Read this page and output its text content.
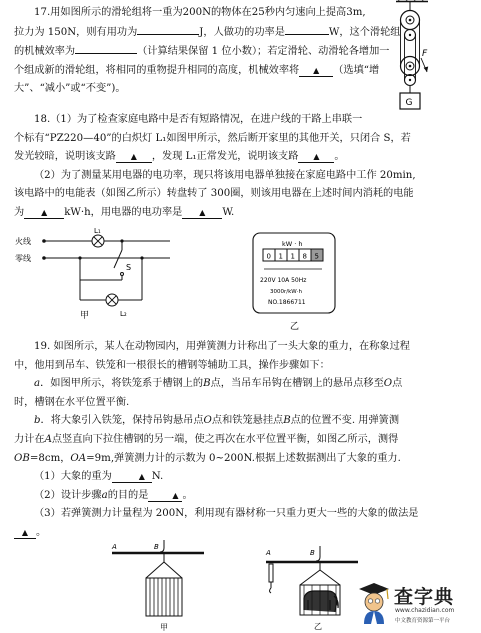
17.用如图所示的滑轮组将一重为200N的物体在25秒内匀速向上提高3m,
拉力为 150N，则有用功为	J，人做功的功率是	W，这个滑轮组
的机械效率为	（计算结果保留 1 位小数）；若定滑轮、动滑轮各增加一
个组成新的滑轮组，将相同的重物提升相同的高度，机械效率将 ▲ （选填“增
大”、“减小”或“不变”)。
F
G
18.（1）为了检查家庭电路中是否有短路情况，在进户线的干路上串联一
个标有“PZ220—40”的白炽灯 L₁如图甲所示，然后断开家里的其他开关，只闭合 S，若
发光较暗，说明该支路 ▲ ，发现 L₁正常发光，说明该支路 ▲ 。
（2）为了测量某用电器的电功率，现只将该用电器单独接在家庭电路中工作 20min,
该电路中的电能表（如图乙所示）转盘转了 300圈，则该用电器在上述时间内消耗的电能
为 ▲ kW·h，用电器的电功率是 ▲ W.
火线
零线
L₁
L₂
S
甲
kW · h
0 1 1 8 5
220V 10A 50Hz
3000r/kW·h
NO.1866711
乙
19. 如图所示，某人在动物园内，用弹簧测力计称出了一头大象的重力，在称象过程
中，他用到吊车、铁笼和一根很长的槽钢等辅助工具，操作步骤如下：
a．如图甲所示，将铁笼系于槽钢上的B点，当吊车吊钩在槽钢上的悬吊点移至O点
时，槽钢在水平位置平衡.
b．将大象引入铁笼，保持吊钩悬吊点O点和铁笼悬挂点B点的位置不变. 用弹簧测
力计在A点竖直向下拉住槽钢的另一端，使之再次在水平位置平衡，如图乙所示，测得
OB=8cm，OA=9m,弹簧测力计的示数为 0~200N.根据上述数据测出了大象的重力.
（1）大象的重为	▲ N.
（2）设计步骤a的目的是	▲ 。
（3）若弹簧测力计量程为 200N，利用现有器材称一只重力更大一些的大象的做法是
▲ 。
A	B
甲
A	B
乙
查字典
www.chazidian.com
中文教育资源第一平台
